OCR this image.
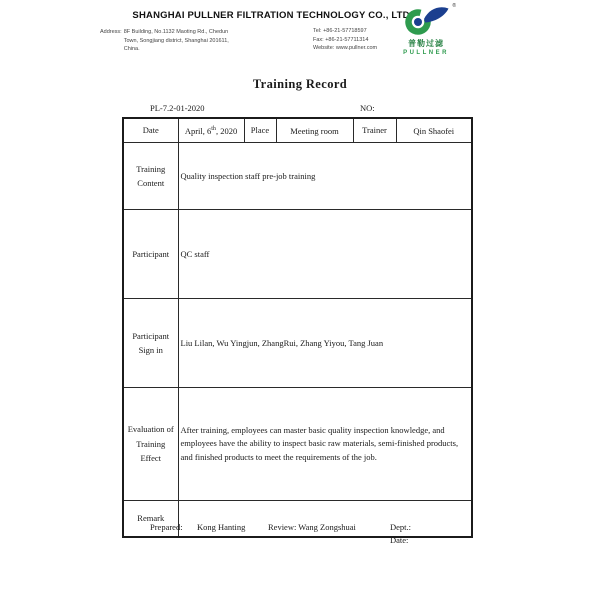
SHANGHAI PULLNER FILTRATION TECHNOLOGY CO., LTD.
Address: 8F Building, No.1132 Maoting Rd., Chedun
Town, Songjiang district, Shanghai 201611,
China.
Tel: +86-21-57718597
Fax: +86-21-57711314
Website: www.pullner.com
®
普勒过滤
PULLNER
Training Record
PL-7.2-01-2020	NO:
Date	April, 6th, 2020	Place	Meeting room	Trainer	Qin Shaofei
Training Content	Quality inspection staff pre-job training				
Participant	QC staff				
Participant Sign in	Liu Lilan, Wu Yingjun, ZhangRui, Zhang Yiyou, Tang Juan				
Evaluation of Training Effect	After training, employees can master basic quality inspection knowledge, and employees have the ability to inspect basic raw materials, semi-finished products, and finished products to meet the requirements of the job.				
Remark					
Prepared: Kong Hanting	Review: Wang Zongshuai	Dept.:
Date:
